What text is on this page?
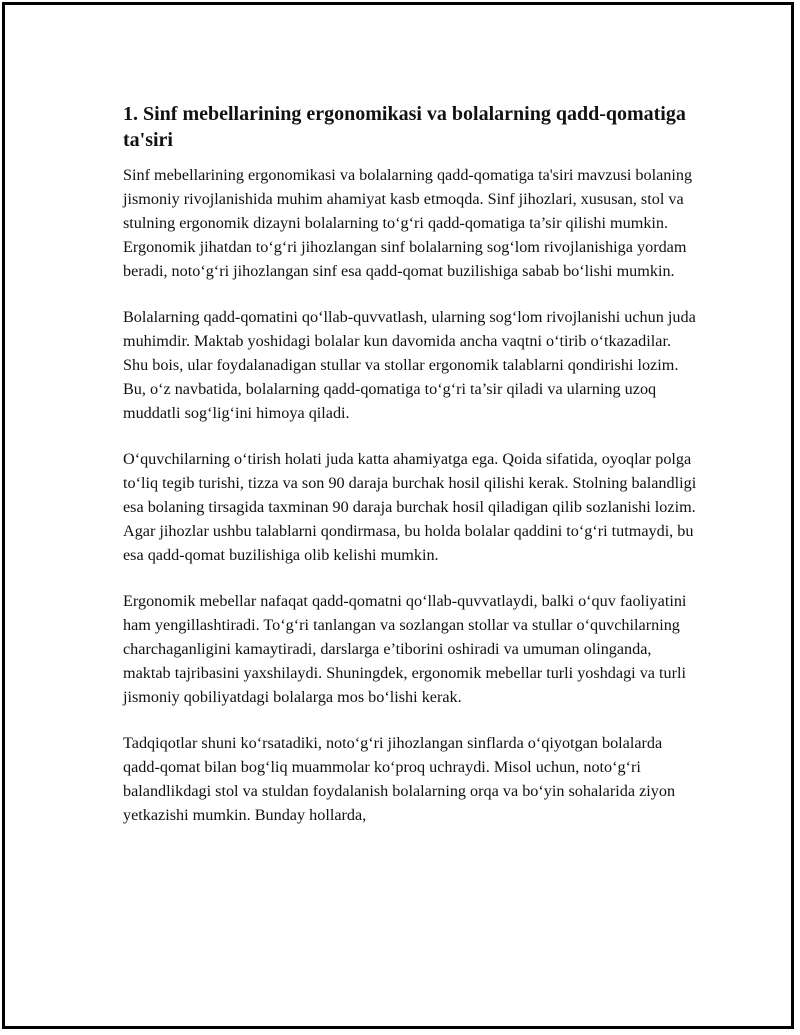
1. Sinf mebellarining ergonomikasi va bolalarning qadd-qomatiga ta'siri

Sinf mebellarining ergonomikasi va bolalarning qadd-qomatiga ta'siri mavzusi bolaning jismoniy rivojlanishida muhim ahamiyat kasb etmoqda. Sinf jihozlari, xususan, stol va stulning ergonomik dizayni bolalarning to‘g‘ri qadd-qomatiga ta’sir qilishi mumkin. Ergonomik jihatdan to‘g‘ri jihozlangan sinf bolalarning sog‘lom rivojlanishiga yordam beradi, noto‘g‘ri jihozlangan sinf esa qadd-qomat buzilishiga sabab bo‘lishi mumkin.

Bolalarning qadd-qomatini qo‘llab-quvvatlash, ularning sog‘lom rivojlanishi uchun juda muhimdir. Maktab yoshidagi bolalar kun davomida ancha vaqtni o‘tirib o‘tkazadilar. Shu bois, ular foydalanadigan stullar va stollar ergonomik talablarni qondirishi lozim. Bu, o‘z navbatida, bolalarning qadd-qomatiga to‘g‘ri ta’sir qiladi va ularning uzoq muddatli sog‘lig‘ini himoya qiladi.

O‘quvchilarning o‘tirish holati juda katta ahamiyatga ega. Qoida sifatida, oyoqlar polga to‘liq tegib turishi, tizza va son 90 daraja burchak hosil qilishi kerak. Stolning balandligi esa bolaning tirsagida taxminan 90 daraja burchak hosil qiladigan qilib sozlanishi lozim. Agar jihozlar ushbu talablarni qondirmasa, bu holda bolalar qaddini to‘g‘ri tutmaydi, bu esa qadd-qomat buzilishiga olib kelishi mumkin.

Ergonomik mebellar nafaqat qadd-qomatni qo‘llab-quvvatlaydi, balki o‘quv faoliyatini ham yengillashtiradi. To‘g‘ri tanlangan va sozlangan stollar va stullar o‘quvchilarning charchaganligini kamaytiradi, darslarga e’tiborini oshiradi va umuman olinganda, maktab tajribasini yaxshilaydi. Shuningdek, ergonomik mebellar turli yoshdagi va turli jismoniy qobiliyatdagi bolalarga mos bo‘lishi kerak.

Tadqiqotlar shuni ko‘rsatadiki, noto‘g‘ri jihozlangan sinflarda o‘qiyotgan bolalarda qadd-qomat bilan bog‘liq muammolar ko‘proq uchraydi. Misol uchun, noto‘g‘ri balandlikdagi stol va stuldan foydalanish bolalarning orqa va bo‘yin sohalarida ziyon yetkazishi mumkin. Bunday hollarda,
